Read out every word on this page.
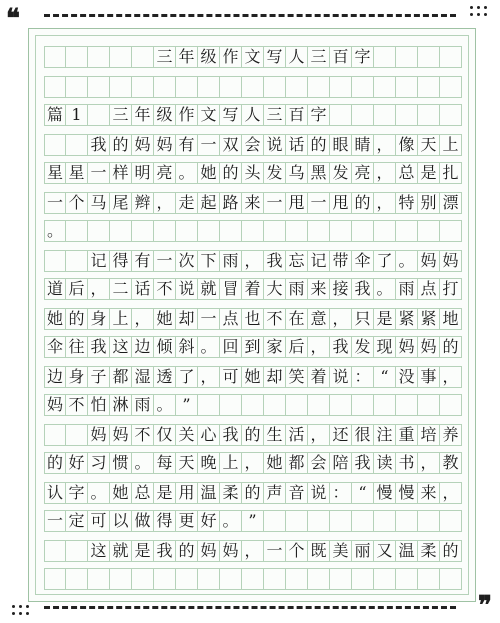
❝
❞
三 年 级 作 文 写 人 三 百 字
篇 1	三 年 级 作 文 写 人 三 百 字
我 的 妈 妈 有 一 双 会 说 话 的 眼 睛 ， 像 天 上
星 星 一 样 明 亮 。 她 的 头 发 乌 黑 发 亮 ， 总 是 扎
一 个 马 尾 辫 ， 走 起 路 来 一 甩 一 甩 的 ， 特 别 漂
。
记 得 有 一 次 下 雨 ， 我 忘 记 带 伞 了 。 妈 妈
道 后 ， 二 话 不 说 就 冒 着 大 雨 来 接 我 。 雨 点 打
她 的 身 上 ， 她 却 一 点 也 不 在 意 ， 只 是 紧 紧 地
伞 往 我 这 边 倾 斜 。 回 到 家 后 ， 我 发 现 妈 妈 的
边 身 子 都 湿 透 了 ， 可 她 却 笑 着 说 ： “ 没 事 ，
妈 不 怕 淋 雨 。 ”
妈 妈 不 仅 关 心 我 的 生 活 ， 还 很 注 重 培 养
的 好 习 惯 。 每 天 晚 上 ， 她 都 会 陪 我 读 书 ， 教
认 字 。 她 总 是 用 温 柔 的 声 音 说 ： “ 慢 慢 来 ，
一 定 可 以 做 得 更 好 。 ”
这 就 是 我 的 妈 妈 ， 一 个 既 美 丽 又 温 柔 的
